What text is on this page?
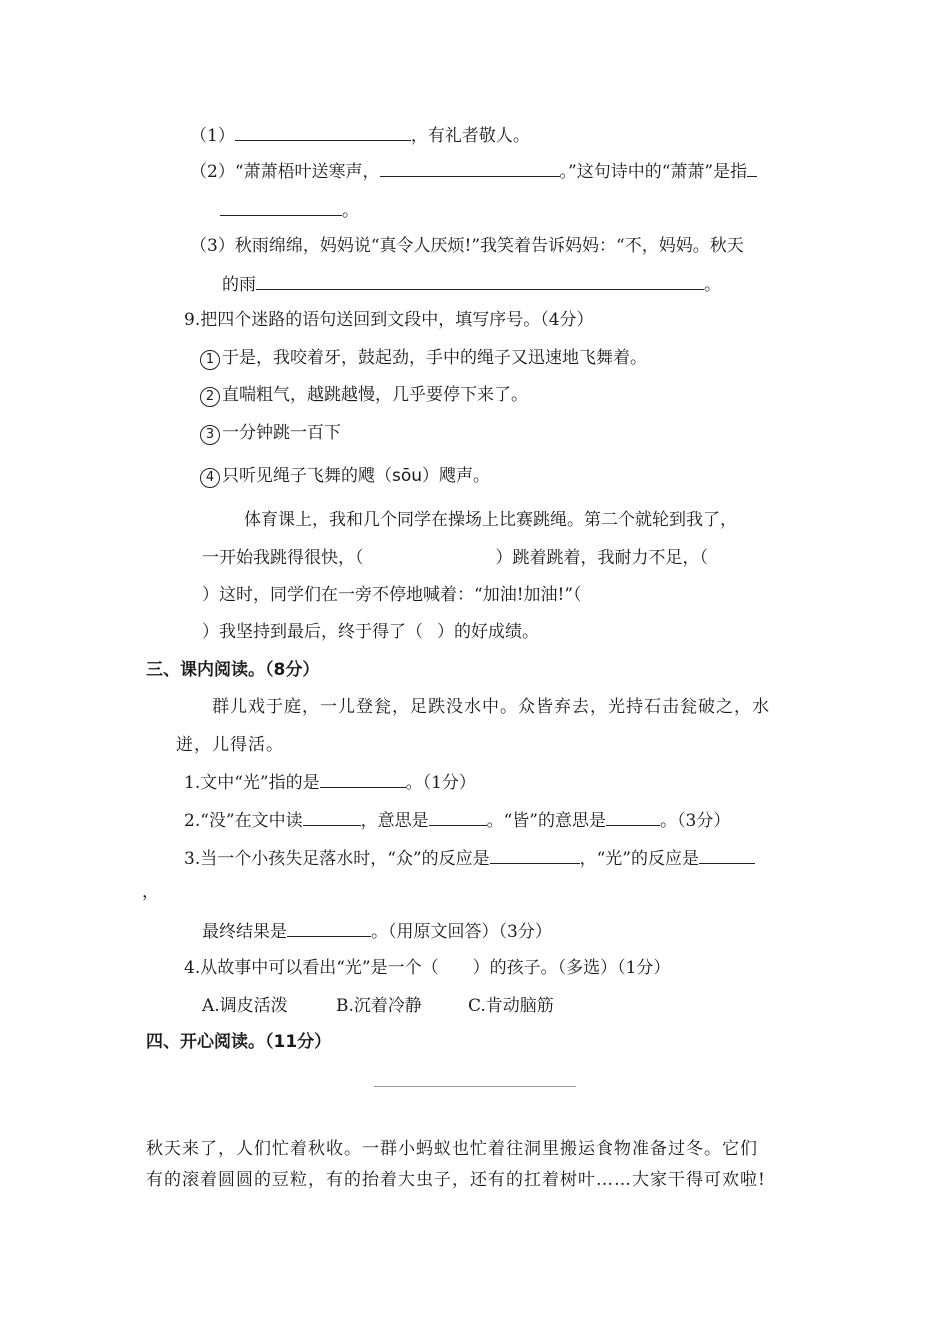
（1）	，有礼者敬人。
（2）“萧萧梧叶送寒声，	。”这句诗中的“萧萧”是指
。
（3）秋雨绵绵，妈妈说“真令人厌烦!”我笑着告诉妈妈：“不，妈妈。秋天
的雨	。
9.把四个迷路的语句送回到文段中，填写序号。（4分）
1 于是，我咬着牙，鼓起劲，手中的绳子又迅速地飞舞着。
2 直喘粗气，越跳越慢，几乎要停下来了。
3 一分钟跳一百下
4 只听见绳子飞舞的飕（sōu）飕声。
体育课上，我和几个同学在操场上比赛跳绳。第二个就轮到我了，
一开始我跳得很快，（	）跳着跳着，我耐力不足，（
）这时，同学们在一旁不停地喊着：“加油!加油!”（
）我坚持到最后，终于得了（ ）的好成绩。
三、课内阅读。（8分）
群儿戏于庭，一儿登瓮，足跌没水中。众皆弃去，光持石击瓮破之，水
迸，儿得活。
1.文中“光”指的是	。（1分）
2.“没”在文中读	，意思是	。“皆”的意思是	。（3分）
3.当一个小孩失足落水时，“众”的反应是	，“光”的反应是
，
最终结果是	。（用原文回答）（3分）
4.从故事中可以看出“光”是一个（　　）的孩子。（多选）（1分）
A.调皮活泼	B.沉着冷静	C.肯动脑筋
四、开心阅读。（11分）
秋天来了，人们忙着秋收。一群小蚂蚁也忙着往洞里搬运食物准备过冬。它们
有的滚着圆圆的豆粒，有的抬着大虫子，还有的扛着树叶……大家干得可欢啦!
